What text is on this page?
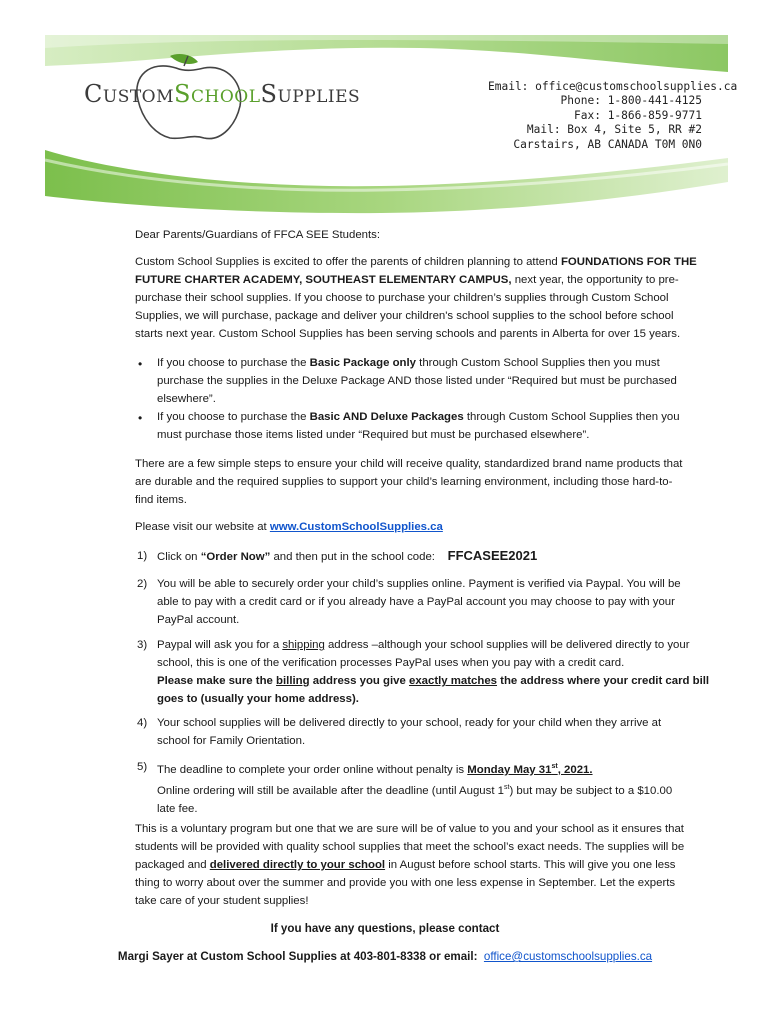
CUSTOMSCHOOLSUPPLIES
Email: office@customschoolsupplies.ca
Phone: 1-800-441-4125
Fax: 1-866-859-9771
Mail: Box 4, Site 5, RR #2
Carstairs, AB CANADA T0M 0N0
Dear Parents/Guardians of FFCA SEE Students:
Custom School Supplies is excited to offer the parents of children planning to attend FOUNDATIONS FOR THE
FUTURE CHARTER ACADEMY, SOUTHEAST ELEMENTARY CAMPUS, next year, the opportunity to pre-
purchase their school supplies. If you choose to purchase your children’s supplies through Custom School
Supplies, we will purchase, package and deliver your children's school supplies to the school before school
starts next year. Custom School Supplies has been serving schools and parents in Alberta for over 15 years.
• If you choose to purchase the Basic Package only through Custom School Supplies then you must
purchase the supplies in the Deluxe Package AND those listed under “Required but must be purchased
elsewhere”.
• If you choose to purchase the Basic AND Deluxe Packages through Custom School Supplies then you
must purchase those items listed under “Required but must be purchased elsewhere”.
There are a few simple steps to ensure your child will receive quality, standardized brand name products that
are durable and the required supplies to support your child’s learning environment, including those hard-to-
find items.
Please visit our website at www.CustomSchoolSupplies.ca
1) Click on “Order Now” and then put in the school code: FFCASEE2021
2) You will be able to securely order your child’s supplies online. Payment is verified via Paypal. You will be
able to pay with a credit card or if you already have a PayPal account you may choose to pay with your
PayPal account.
3) Paypal will ask you for a shipping address –although your school supplies will be delivered directly to your
school, this is one of the verification processes PayPal uses when you pay with a credit card.
Please make sure the billing address you give exactly matches the address where your credit card bill
goes to (usually your home address).
4) Your school supplies will be delivered directly to your school, ready for your child when they arrive at
school for Family Orientation.
5) The deadline to complete your order online without penalty is Monday May 31st, 2021.
Online ordering will still be available after the deadline (until August 1st) but may be subject to a $10.00
late fee.
This is a voluntary program but one that we are sure will be of value to you and your school as it ensures that
students will be provided with quality school supplies that meet the school’s exact needs. The supplies will be
packaged and delivered directly to your school in August before school starts. This will give you one less
thing to worry about over the summer and provide you with one less expense in September. Let the experts
take care of your student supplies!
If you have any questions, please contact
Margi Sayer at Custom School Supplies at 403-801-8338 or email: office@customschoolsupplies.ca
